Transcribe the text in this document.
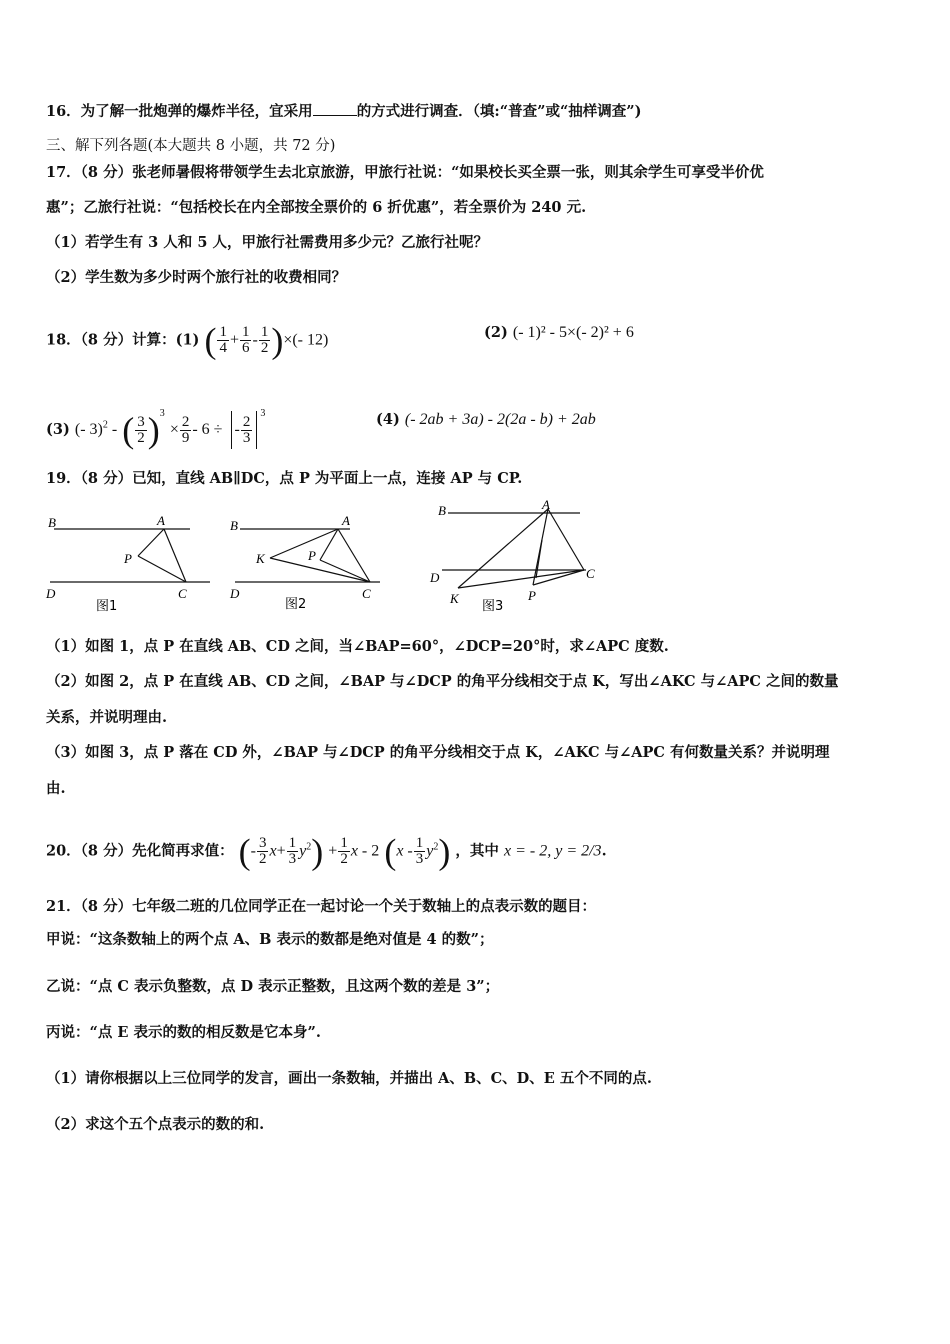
16．为了解一批炮弹的爆炸半径，宜采用	的方式进行调查．（填:“普查”或“抽样调查”)
三、解下列各题(本大题共 8 小题，共 72 分)
17．（8 分）张老师暑假将带领学生去北京旅游，甲旅行社说：“如果校长买全票一张，则其余学生可享受半价优
惠”；乙旅行社说：“包括校长在内全部按全票价的 6 折优惠”，若全票价为 240 元.
（1）若学生有 3 人和 5 人，甲旅行社需费用多少元？乙旅行社呢？
（2）学生数为多少时两个旅行社的收费相同？
18．（8 分）计算：(1) ( $\frac{1}{4} + \frac{1}{6} - \frac{1}{2}$ )×(- 12)	(2) (- 1)² - 5×(- 2)² + 6
(3) (- 3)$^2$ - ( $\frac{3}{2} )^3 \times \frac{2}{9} - 6$ ÷ - $\frac{2}{3}$
$^3$	(4) (- 2ab + 3a) - 2(2a - b) + 2ab
19．（8 分）已知，直线 AB∥DC，点 P 为平面上一点，连接 AP 与 CP.
B	A
P
D	C
图1
B	A
K	P
D	C
图2
B	A
D	C
K	P
图3
（1）如图 1，点 P 在直线 AB、CD 之间，当∠BAP=60°，∠DCP=20°时，求∠APC 度数.
（2）如图 2，点 P 在直线 AB、CD 之间，∠BAP 与∠DCP 的角平分线相交于点 K，写出∠AKC 与∠APC 之间的数量
关系，并说明理由.
（3）如图 3，点 P 落在 CD 外，∠BAP 与∠DCP 的角平分线相交于点 K，∠AKC 与∠APC 有何数量关系？并说明理
由.
20．（8 分）先化简再求值： (- $\frac{3}{2} x+ \frac{1}{3} y^2) + \frac{1}{2}$ x - 2 $(x - \frac{1}{3} y^2)$ ，其中 x = - 2, y = 2/3.
21．（8 分）七年级二班的几位同学正在一起讨论一个关于数轴上的点表示数的题目：
甲说：“这条数轴上的两个点 A、B 表示的数都是绝对值是 4 的数”；
乙说：“点 C 表示负整数，点 D 表示正整数，且这两个数的差是 3”；
丙说：“点 E 表示的数的相反数是它本身”.
（1）请你根据以上三位同学的发言，画出一条数轴，并描出 A、B、C、D、E 五个不同的点.
（2）求这个五个点表示的数的和.
